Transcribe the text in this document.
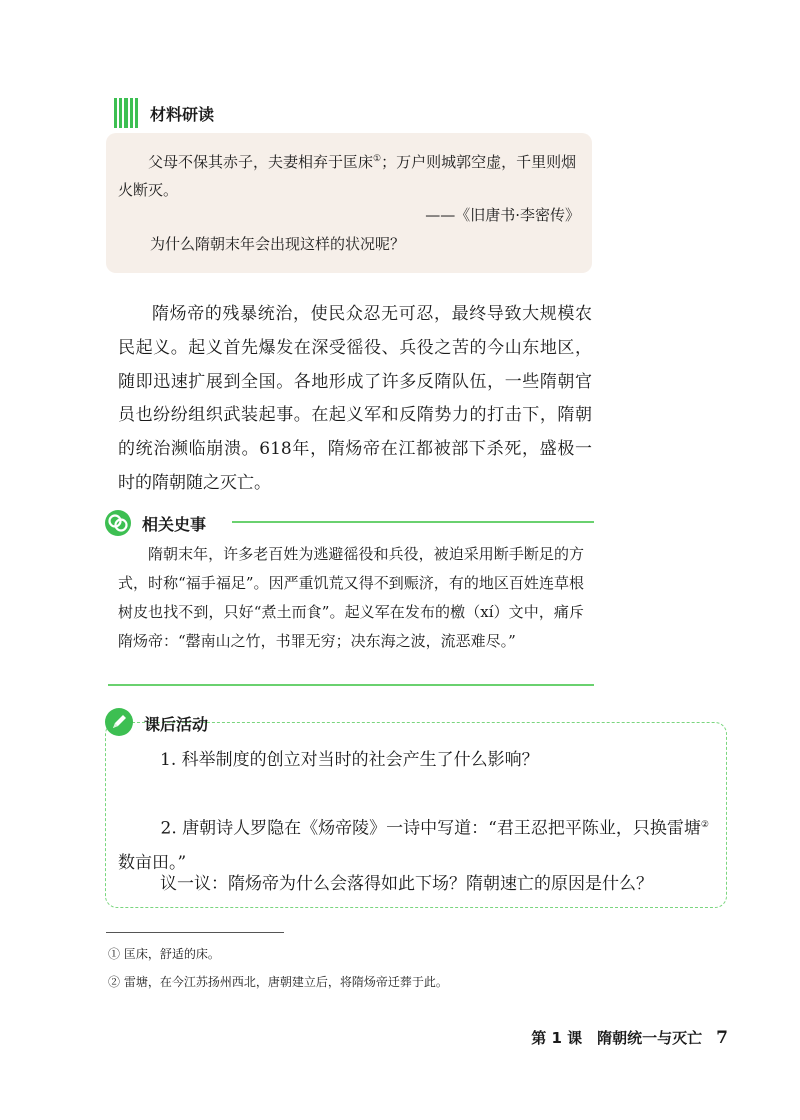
材料研读
父母不保其赤子，夫妻相弃于匡床①；万户则城郭空虚，千里则烟火断灭。
——《旧唐书·李密传》
为什么隋朝末年会出现这样的状况呢？
隋炀帝的残暴统治，使民众忍无可忍，最终导致大规模农民起义。起义首先爆发在深受徭役、兵役之苦的今山东地区，随即迅速扩展到全国。各地形成了许多反隋队伍，一些隋朝官员也纷纷组织武装起事。在起义军和反隋势力的打击下，隋朝的统治濒临崩溃。618年，隋炀帝在江都被部下杀死，盛极一时的隋朝随之灭亡。
相关史事
隋朝末年，许多老百姓为逃避徭役和兵役，被迫采用断手断足的方式，时称“福手福足”。因严重饥荒又得不到赈济，有的地区百姓连草根树皮也找不到，只好“煮土而食”。起义军在发布的檄（xí）文中，痛斥隋炀帝：“罄南山之竹，书罪无穷；决东海之波，流恶难尽。”
课后活动
1. 科举制度的创立对当时的社会产生了什么影响？
2. 唐朝诗人罗隐在《炀帝陵》一诗中写道：“君王忍把平陈业，只换雷塘②数亩田。”
议一议：隋炀帝为什么会落得如此下场？隋朝速亡的原因是什么？
① 匡床，舒适的床。
② 雷塘，在今江苏扬州西北，唐朝建立后，将隋炀帝迁葬于此。
第 1 课　隋朝统一与灭亡 7
